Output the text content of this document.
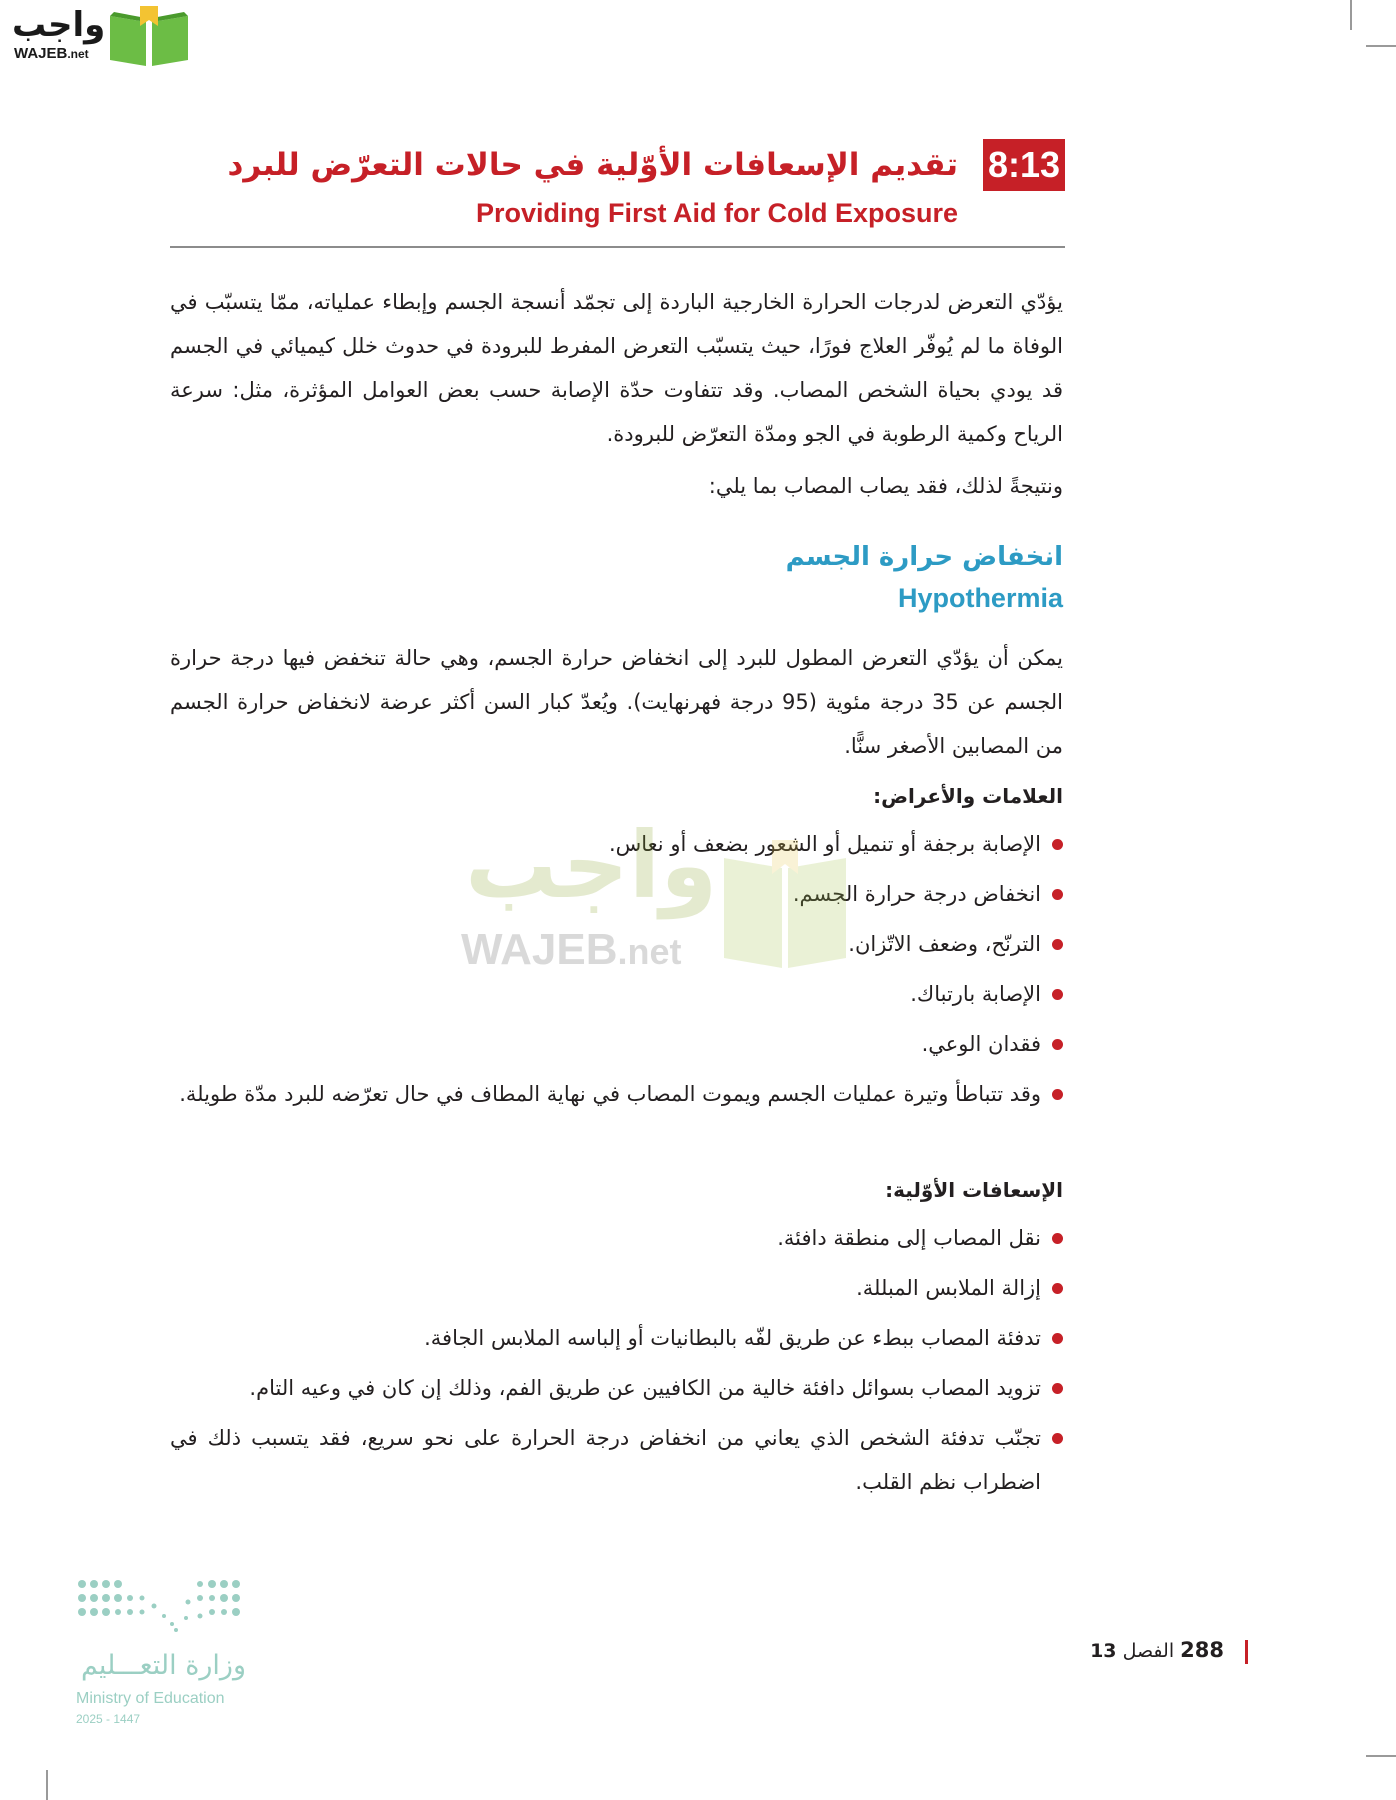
واجب
WAJEB.net
8:13
تقديم الإسعافات الأوّلية في حالات التعرّض للبرد
Providing First Aid for Cold Exposure
يؤدّي التعرض لدرجات الحرارة الخارجية الباردة إلى تجمّد أنسجة الجسم وإبطاء عملياته، ممّا يتسبّب في الوفاة ما لم يُوفّر العلاج فورًا، حيث يتسبّب التعرض المفرط للبرودة في حدوث خلل كيميائي في الجسم قد يودي بحياة الشخص المصاب. وقد تتفاوت حدّة الإصابة حسب بعض العوامل المؤثرة، مثل: سرعة الرياح وكمية الرطوبة في الجو ومدّة التعرّض للبرودة.
ونتيجةً لذلك، فقد يصاب المصاب بما يلي:
انخفاض حرارة الجسم
Hypothermia
يمكن أن يؤدّي التعرض المطول للبرد إلى انخفاض حرارة الجسم، وهي حالة تنخفض فيها درجة حرارة الجسم عن 35 درجة مئوية (95 درجة فهرنهايت). ويُعدّ كبار السن أكثر عرضة لانخفاض حرارة الجسم من المصابين الأصغر سنًّا.
العلامات والأعراض:
الإصابة برجفة أو تنميل أو الشعور بضعف أو نعاس.
انخفاض درجة حرارة الجسم.
الترنّح، وضعف الاتّزان.
الإصابة بارتباك.
فقدان الوعي.
وقد تتباطأ وتيرة عمليات الجسم ويموت المصاب في نهاية المطاف في حال تعرّضه للبرد مدّة طويلة.
الإسعافات الأوّلية:
نقل المصاب إلى منطقة دافئة.
إزالة الملابس المبللة.
تدفئة المصاب ببطء عن طريق لفّه بالبطانيات أو إلباسه الملابس الجافة.
تزويد المصاب بسوائل دافئة خالية من الكافيين عن طريق الفم، وذلك إن كان في وعيه التام.
تجنّب تدفئة الشخص الذي يعاني من انخفاض درجة الحرارة على نحو سريع، فقد يتسبب ذلك في اضطراب نظم القلب.
واجب
WAJEB.net
288 الفصل 13
وزارة التعـــليم
Ministry of Education
2025 - 1447
